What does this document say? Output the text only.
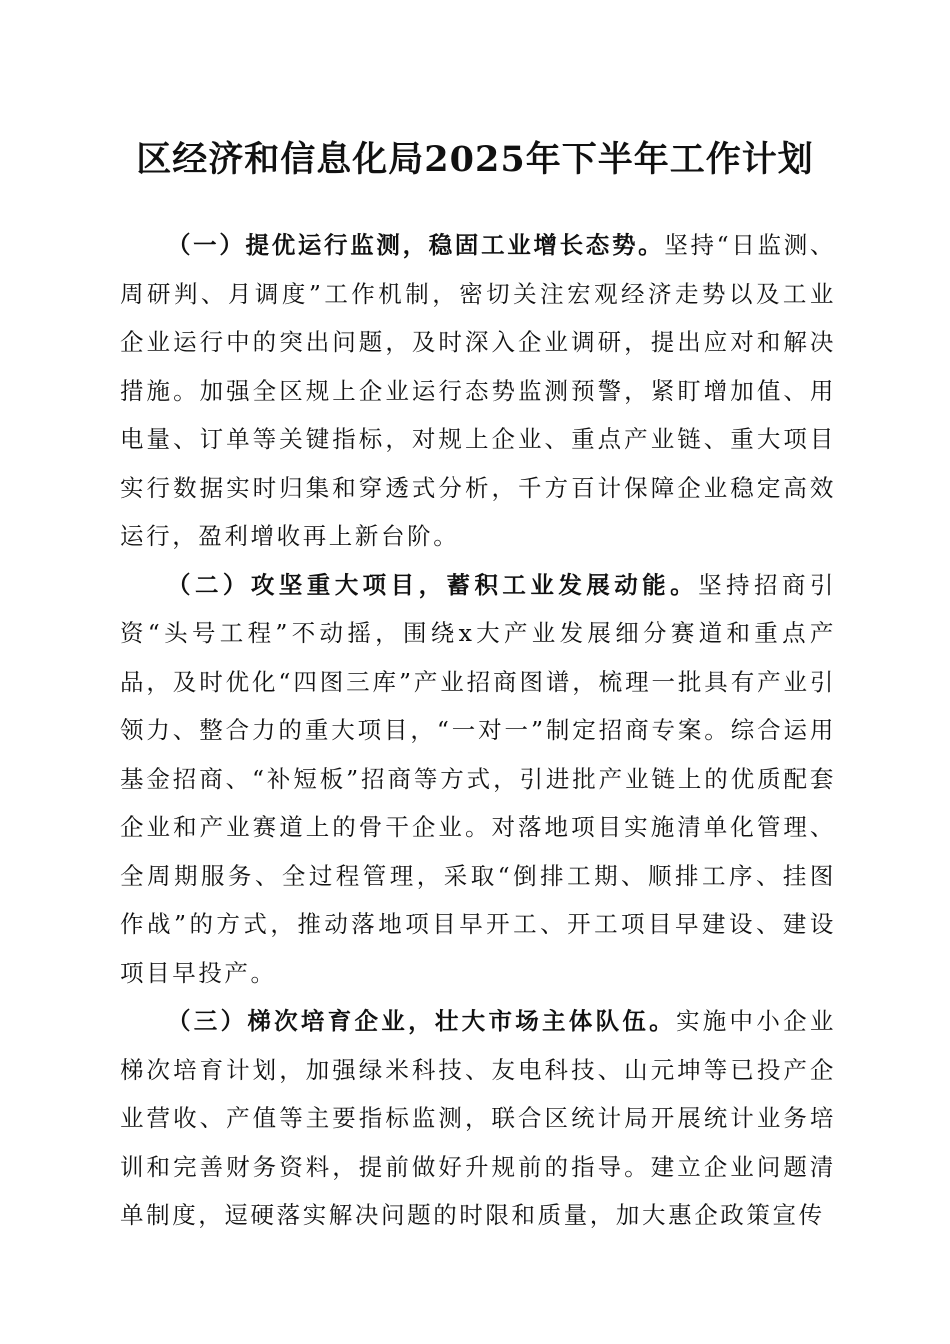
区经济和信息化局2025年下半年工作计划

（一）提优运行监测，稳固工业增长态势。坚持“日监测、周研判、月调度”工作机制，密切关注宏观经济走势以及工业企业运行中的突出问题，及时深入企业调研，提出应对和解决措施。加强全区规上企业运行态势监测预警，紧盯增加值、用电量、订单等关键指标，对规上企业、重点产业链、重大项目实行数据实时归集和穿透式分析，千方百计保障企业稳定高效运行，盈利增收再上新台阶。

（二）攻坚重大项目，蓄积工业发展动能。坚持招商引资“头号工程”不动摇，围绕x大产业发展细分赛道和重点产品，及时优化“四图三库”产业招商图谱，梳理一批具有产业引领力、整合力的重大项目，“一对一”制定招商专案。综合运用基金招商、“补短板”招商等方式，引进批产业链上的优质配套企业和产业赛道上的骨干企业。对落地项目实施清单化管理、全周期服务、全过程管理，采取“倒排工期、顺排工序、挂图作战”的方式，推动落地项目早开工、开工项目早建设、建设项目早投产。

（三）梯次培育企业，壮大市场主体队伍。实施中小企业梯次培育计划，加强绿米科技、友电科技、山元坤等已投产企业营收、产值等主要指标监测，联合区统计局开展统计业务培训和完善财务资料，提前做好升规前的指导。建立企业问题清单制度，逗硬落实解决问题的时限和质量，加大惠企政策宣传
